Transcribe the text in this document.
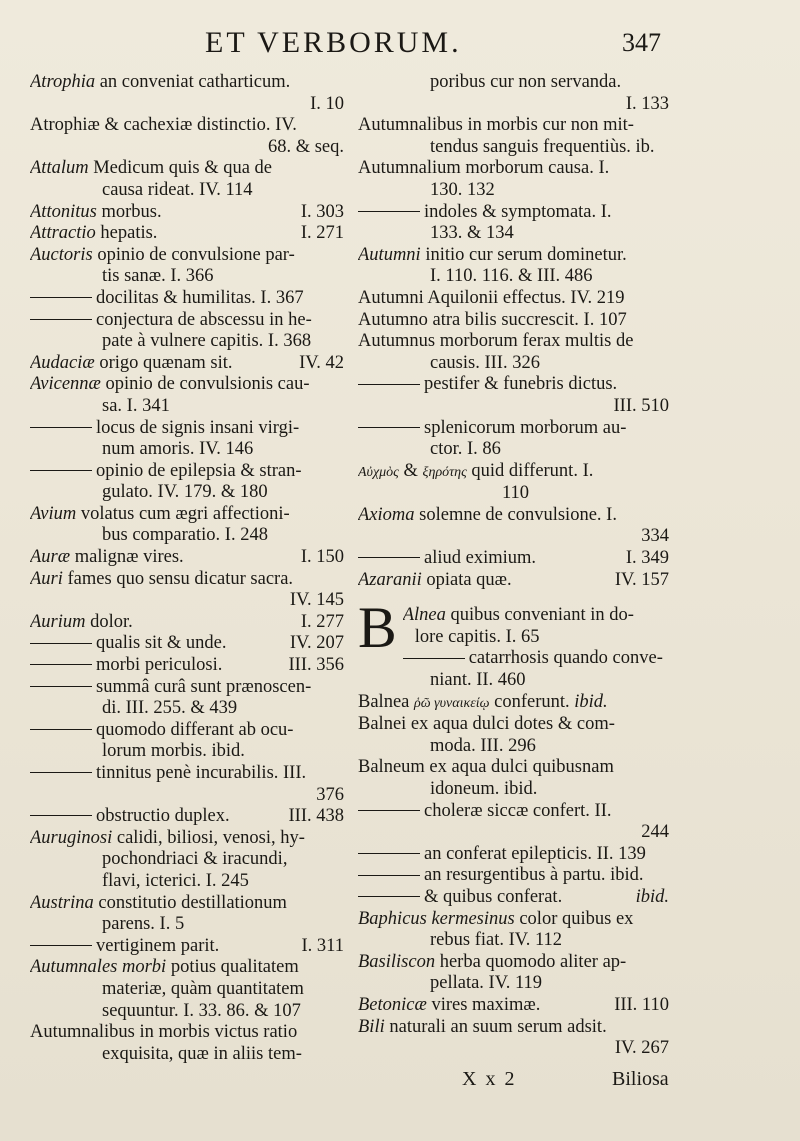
ET VERBORUM.	347
Atrophia an conveniat catharticum.
I. 10
Atrophiæ & cachexiæ distinctio. IV.
68. & seq.
Attalum Medicum quis & qua de
causa rideat. IV. 114
Attonitus morbus.	I. 303
Attractio hepatis.	I. 271
Auctoris opinio de convulsione par-
tis sanæ. I. 366
docilitas & humilitas. I. 367
conjectura de abscessu in he-
pate à vulnere capitis. I. 368
Audaciæ origo quænam sit.	IV. 42
Avicennæ opinio de convulsionis cau-
sa. I. 341
locus de signis insani virgi-
num amoris. IV. 146
opinio de epilepsia & stran-
gulato. IV. 179. & 180
Avium volatus cum ægri affectioni-
bus comparatio. I. 248
Auræ malignæ vires.	I. 150
Auri fames quo sensu dicatur sacra.
IV. 145
Aurium dolor.	I. 277
qualis sit & unde.	IV. 207
morbi periculosi.	III. 356
summâ curâ sunt prænoscen-
di. III. 255. & 439
quomodo differant ab ocu-
lorum morbis. ibid.
tinnitus penè incurabilis. III.
376
obstructio duplex.	III. 438
Auruginosi calidi, biliosi, venosi, hy-
pochondriaci & iracundi,
flavi, icterici. I. 245
Austrina constitutio destillationum
parens. I. 5
vertiginem parit.	I. 311
Autumnales morbi potius qualitatem
materiæ, quàm quantitatem
sequuntur. I. 33. 86. & 107
Autumnalibus in morbis victus ratio
exquisita, quæ in aliis tem-
poribus cur non servanda.
I. 133
Autumnalibus in morbis cur non mit-
tendus sanguis frequentiùs. ib.
Autumnalium morborum causa. I.
130. 132
indoles & symptomata. I.
133. & 134
Autumni initio cur serum dominetur.
I. 110. 116. & III. 486
Autumni Aquilonii effectus. IV. 219
Autumno atra bilis succrescit. I. 107
Autumnus morborum ferax multis de
causis. III. 326
pestifer & funebris dictus.
III. 510
splenicorum morborum au-
ctor. I. 86
Αὐχμὸς & ξηρότης quid differunt. I.
110
Axioma solemne de convulsione. I.
334
aliud eximium.	I. 349
Azaranii opiata quæ.	IV. 157
B Alnea quibus conveniant in do-
lore capitis. I. 65
catarrhosis quando conve-
niant. II. 460
Balnea ῥῶ γυναικείῳ conferunt. ibid.
Balnei ex aqua dulci dotes & com-
moda. III. 296
Balneum ex aqua dulci quibusnam
idoneum. ibid.
choleræ siccæ confert. II.
244
an conferat epilepticis. II. 139
an resurgentibus à partu. ibid.
& quibus conferat.	ibid.
Baphicus kermesinus color quibus ex
rebus fiat. IV. 112
Basiliscon herba quomodo aliter ap-
pellata. IV. 119
Betonicæ vires maximæ.	III. 110
Bili naturali an suum serum adsit.
IV. 267
X x 2	Biliosa
